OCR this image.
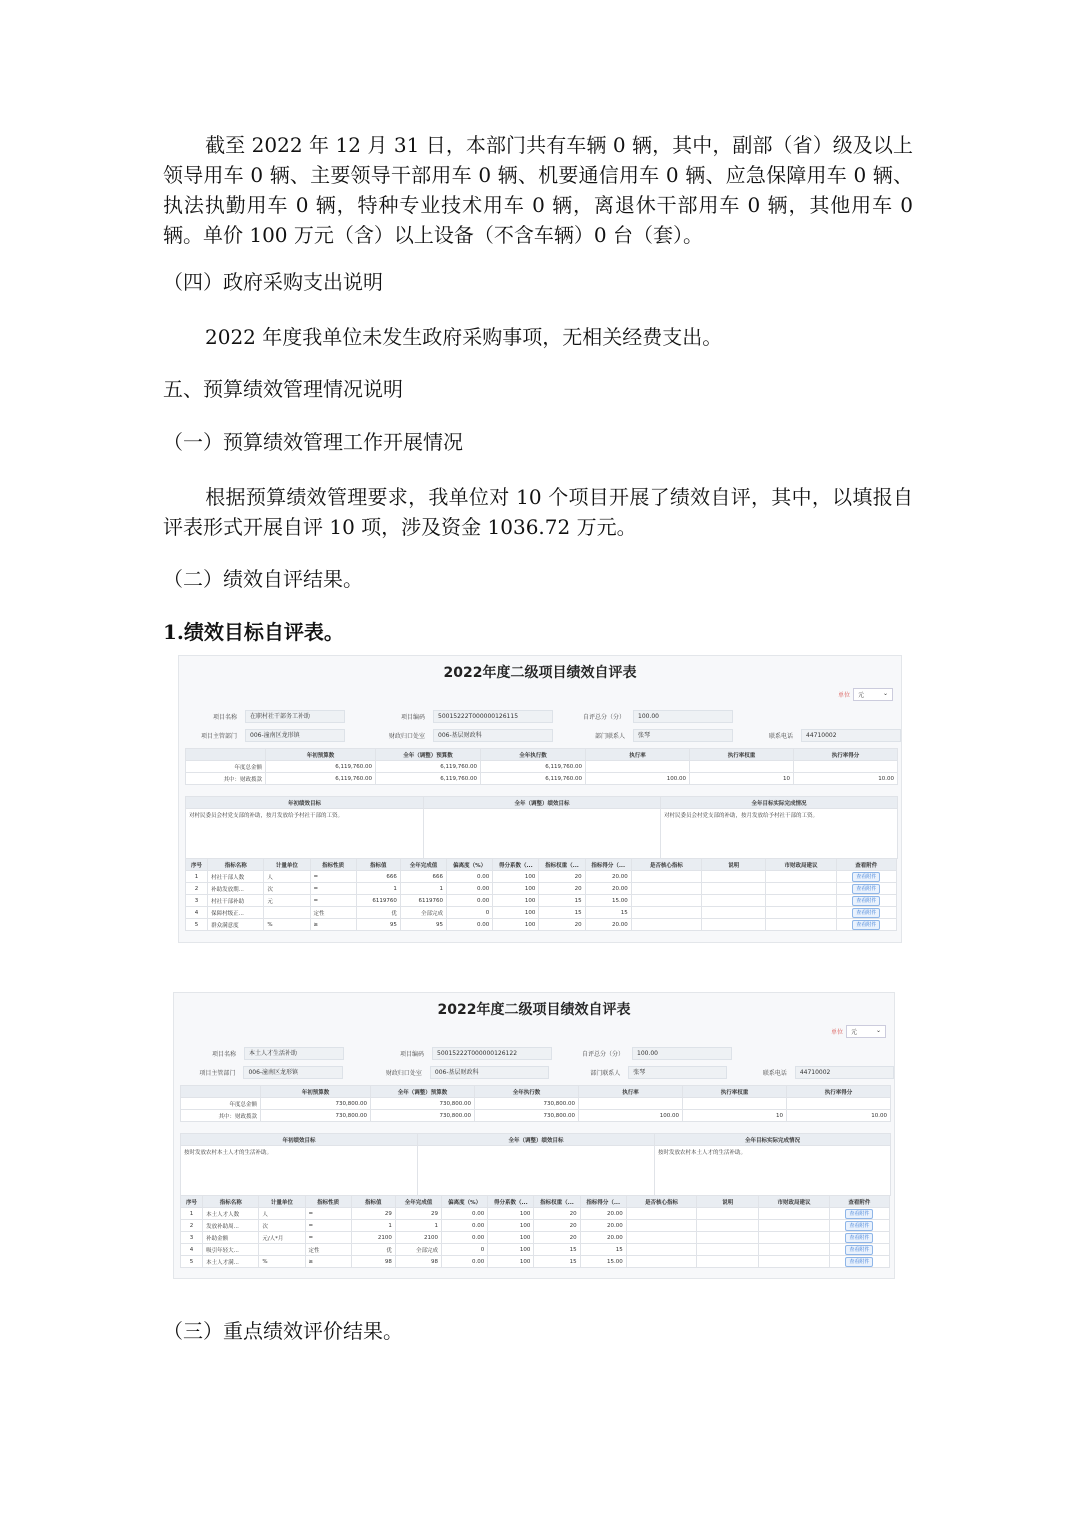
截至 2022 年 12 月 31 日，本部门共有车辆 0 辆，其中，副部（省）级及以上领导用车 0 辆、主要领导干部用车 0 辆、机要通信用车 0 辆、应急保障用车 0 辆、执法执勤用车 0 辆，特种专业技术用车 0 辆，离退休干部用车 0 辆，其他用车 0 辆。单价 100 万元（含）以上设备（不含车辆）0 台（套）。
（四）政府采购支出说明
2022 年度我单位未发生政府采购事项，无相关经费支出。
五、预算绩效管理情况说明
（一）预算绩效管理工作开展情况
根据预算绩效管理要求，我单位对 10 个项目开展了绩效自评，其中，以填报自评表形式开展自评 10 项，涉及资金 1036.72 万元。
（二）绩效自评结果。
1.绩效目标自评表。
2022年度二级项目绩效自评表
单位 元	⌄
项目名称	在职村社干部务工补助	项目编码	50015222T000000126115	自评总分（分）	100.00
项目主管部门	006-潼南区龙形镇	财政归口处室	006-基层财政科	部门联系人	张琴	联系电话	44710002
	年初预算数	全年（调整）预算数	全年执行数	执行率	执行率权重	执行率得分
年度总金额	6,119,760.00	6,119,760.00	6,119,760.00			
其中：财政拨款	6,119,760.00	6,119,760.00	6,119,760.00	100.00	10	10.00
年初绩效目标	全年（调整）绩效目标	全年目标实际完成情况
对村民委员会村党支部的补助，按月发放给予村社干部的工资。		对村民委员会村党支部的补助，按月发放给予村社干部的工资。
序号	指标名称	计量单位	指标性质	指标值	全年完成值	偏离度（%）	得分系数（...	指标权重（...	指标得分（...	是否核心指标	说明	市财政局建议	查看附件
1	村社干部人数	人	=	666	666	0.00	100	20	20.00				查看附件
2	补助发放期...	次	=	1	1	0.00	100	20	20.00				查看附件
3	村社干部补助	元	=	6119760	6119760	0.00	100	15	15.00				查看附件
4	保障村级正...		定性	优	全部完成	0	100	15	15				查看附件
5	群众满意度	%	≥	95	95	0.00	100	20	20.00				查看附件
2022年度二级项目绩效自评表
单位 元	⌄
项目名称	本土人才生活补助	项目编码	50015222T000000126122	自评总分（分）	100.00
项目主管部门	006-潼南区龙形镇	财政归口处室	006-基层财政科	部门联系人	张琴	联系电话	44710002
	年初预算数	全年（调整）预算数	全年执行数	执行率	执行率权重	执行率得分
年度总金额	730,800.00	730,800.00	730,800.00			
其中：财政拨款	730,800.00	730,800.00	730,800.00	100.00	10	10.00
年初绩效目标	全年（调整）绩效目标	全年目标实际完成情况
按时发放农村本土人才的生活补助。		按时发放农村本土人才的生活补助。
序号	指标名称	计量单位	指标性质	指标值	全年完成值	偏离度（%）	得分系数（...	指标权重（...	指标得分（...	是否核心指标	说明	市财政局建议	查看附件
1	本土人才人数	人	=	29	29	0.00	100	20	20.00				查看附件
2	发放补助周...	次	=	1	1	0.00	100	20	20.00				查看附件
3	补助金额	元/人*月	=	2100	2100	0.00	100	20	20.00				查看附件
4	吸引年轻大...		定性	优	全部完成	0	100	15	15				查看附件
5	本土人才满...	%	≥	98	98	0.00	100	15	15.00				查看附件
（三）重点绩效评价结果。
